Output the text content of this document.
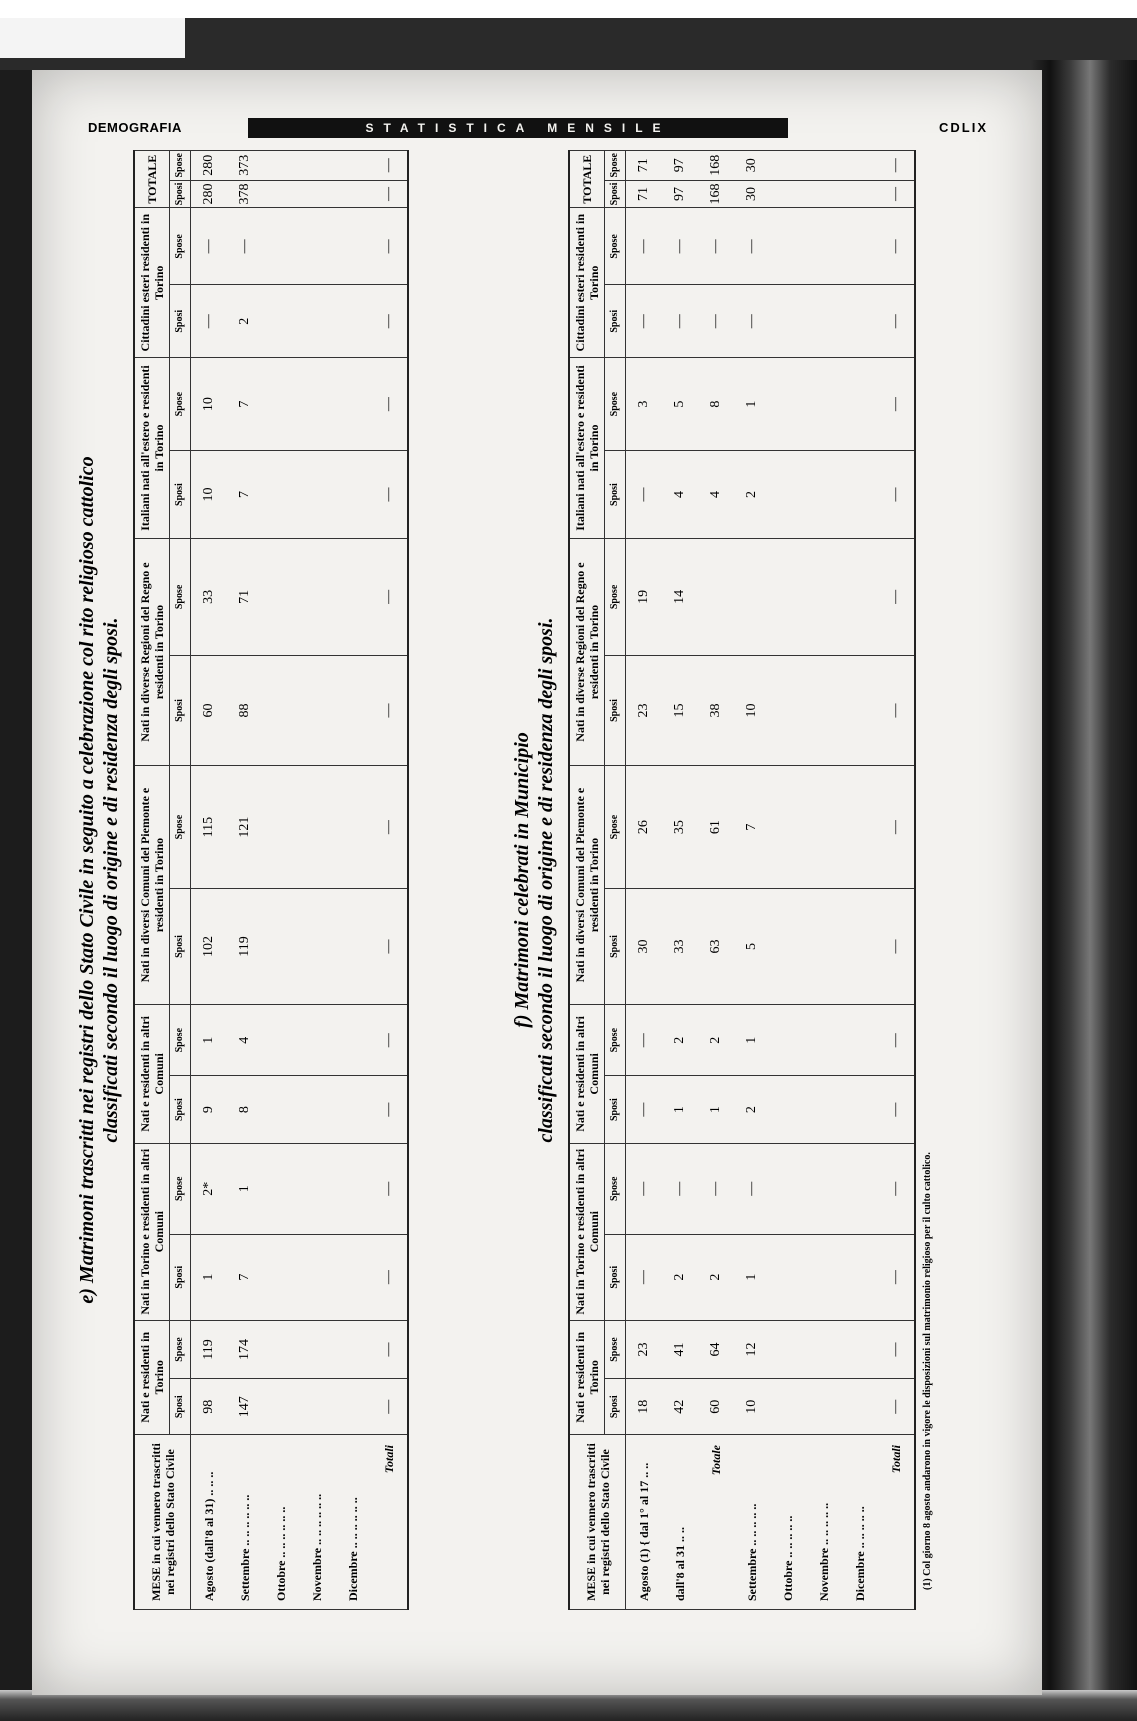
DEMOGRAFIA	STATISTICA MENSILE	CDLIX
e) Matrimoni trascritti nei registri dello Stato Civile in seguito a celebrazione col rito religioso cattolico classificati secondo il luogo di origine e di residenza degli sposi.
MESE in cui vennero trascritti nei registri dello Stato Civile	Nati e residenti in Torino		Nati in Torino e residenti in altri Comuni		Nati e residenti in altri Comuni		Nati in diversi Comuni del Piemonte e residenti in Torino		Nati in diverse Regioni del Regno e residenti in Torino		Italiani nati all'estero e residenti in Torino		Cittadini esteri residenti in Torino		TOTALE	
	Sposi	Spose	Sposi	Spose	Sposi	Spose	Sposi	Spose	Sposi	Spose	Sposi	Spose	Sposi	Spose	Sposi	Spose
Agosto (dall'8 al 31) .. .. ..	98	119	1	2*	9	1	102	115	60	33	10	10	—	—	280	280
Settembre .. .. .. .. .. ..	147	174	7	1	8	4	119	121	88	71	7	7	2	—	378	373
Ottobre .. .. .. .. .. ..																
Novembre .. .. .. .. .. ..																
Dicembre .. .. .. .. .. ..																
Totali	—	—	—	—	—	—	—	—	—	—	—	—	—	—	—	—
f) Matrimoni celebrati in Municipio classificati secondo il luogo di origine e di residenza degli sposi.
MESE in cui vennero trascritti nei registri dello Stato Civile	Nati e residenti in Torino		Nati in Torino e residenti in altri Comuni		Nati e residenti in altri Comuni		Nati in diversi Comuni del Piemonte e residenti in Torino		Nati in diverse Regioni del Regno e residenti in Torino		Italiani nati all'estero e residenti in Torino		Cittadini esteri residenti in Torino		TOTALE	
	Sposi	Spose	Sposi	Spose	Sposi	Spose	Sposi	Spose	Sposi	Spose	Sposi	Spose	Sposi	Spose	Sposi	Spose
Agosto (1) { dal 1° al 17 .. ..	18	23	—	—	—	—	30	26	23	19	—	3	—	—	71	71
dall'8 al 31 .. ..	42	41	2	—	1	2	33	35	15	14	4	5	—	—	97	97
Totale	60	64	2	—	1	2	63	61	38		4	8	—	—	168	168
Settembre .. .. .. .. ..	10	12	1	—	2	1	5	7	10		2	1	—	—	30	30
Ottobre .. .. .. .. ..																
Novembre .. .. .. .. ..																
Dicembre .. .. .. .. ..																
Totali	—	—	—	—	—	—	—	—	—	—	—	—	—	—	—	—
(1) Col giorno 8 agosto andarono in vigore le disposizioni sul matrimonio religioso per il culto cattolico.
